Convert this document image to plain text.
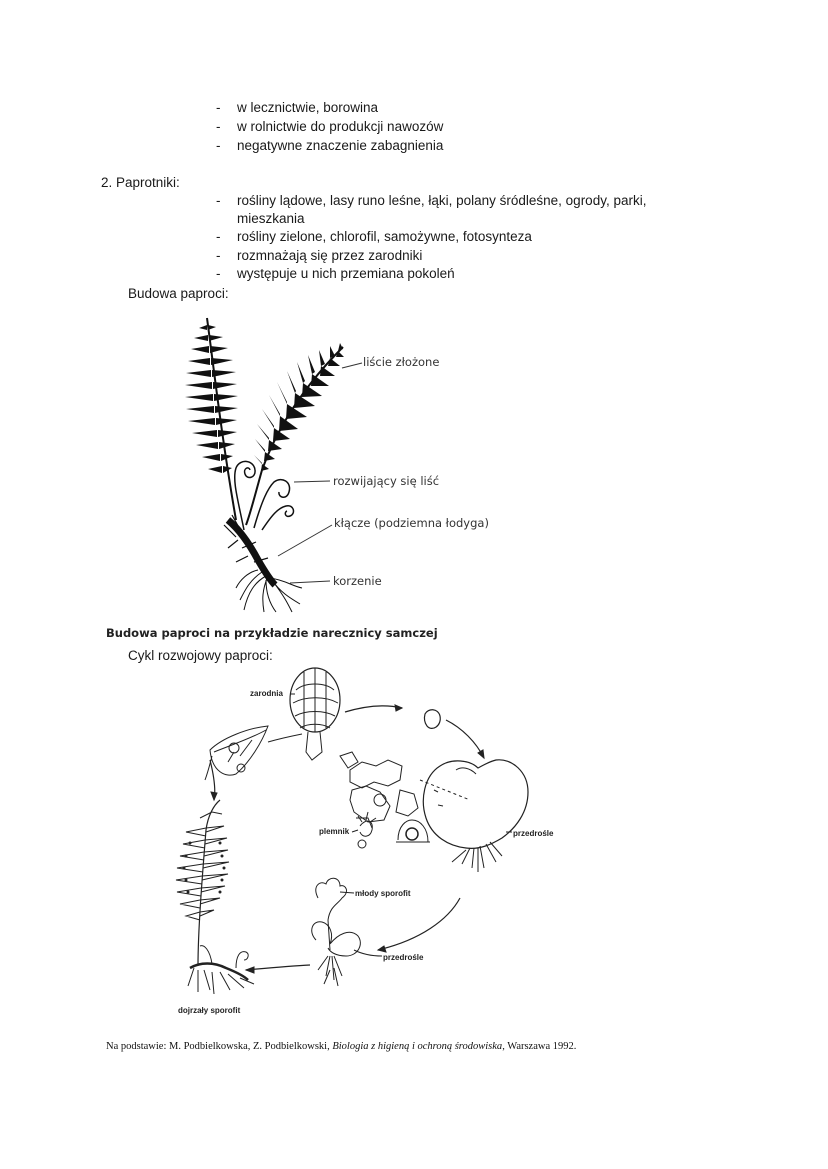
- w lecznictwie, borowina
- w rolnictwie do produkcji nawozów
- negatywne znaczenie zabagnienia
2. Paprotniki:
- rośliny lądowe, lasy runo leśne, łąki, polany śródleśne, ogrody, parki,
mieszkania
- rośliny zielone, chlorofil, samożywne, fotosynteza
- rozmnażają się przez zarodniki
- występuje u nich przemiana pokoleń
Budowa paproci:
liście złożone
rozwijający się liść
kłącze (podziemna łodyga)
korzenie
Budowa paproci na przykładzie narecznicy samczej
Cykl rozwojowy paproci:
zarodnia
plemnik	przedrośle
młody sporofit
przedrośle
dojrzały sporofit
Na podstawie: M. Podbielkowska, Z. Podbielkowski, Biologia z higieną i ochroną środowiska, Warszawa 1992.
